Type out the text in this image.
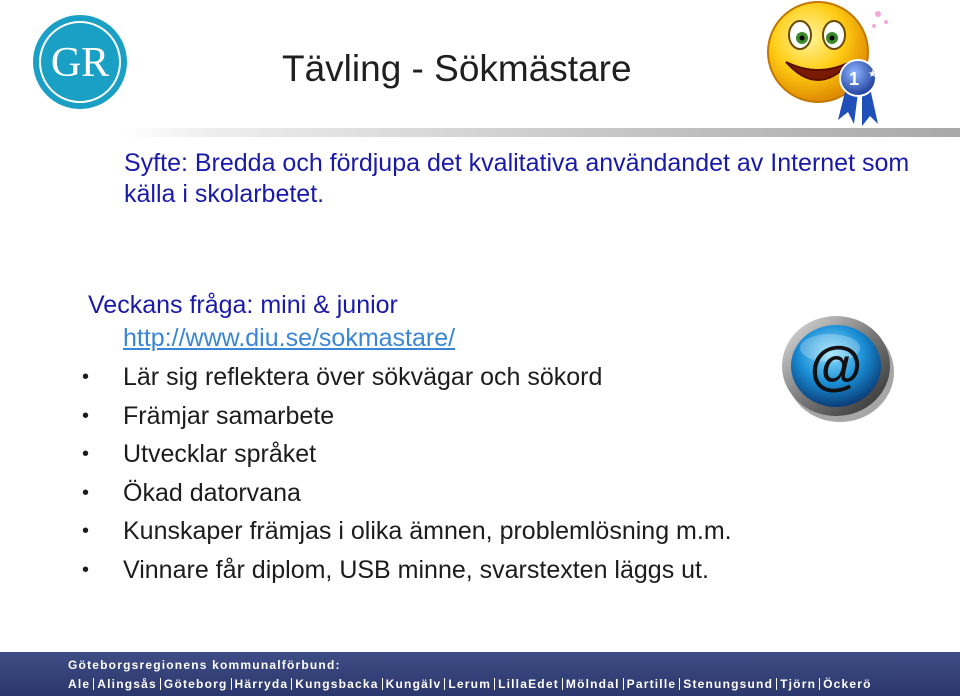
GR	Tävling - Sökmästare	1 ★
Syfte: Bredda och fördjupa det kvalitativa användandet av Internet som källa i skolarbetet.
Veckans fråga: mini & junior
http://www.diu.se/sokmastare/
• Lär sig reflektera över sökvägar och sökord
• Främjar samarbete
• Utvecklar språket
• Ökad datorvana
• Kunskaper främjas i olika ämnen, problemlösning m.m.
• Vinnare får diplom, USB minne, svarstexten läggs ut.
@
Göteborgsregionens kommunalförbund:
Ale Alingsås Göteborg Härryda Kungsbacka Kungälv Lerum LillaEdet Mölndal Partille Stenungsund Tjörn Öckerö
